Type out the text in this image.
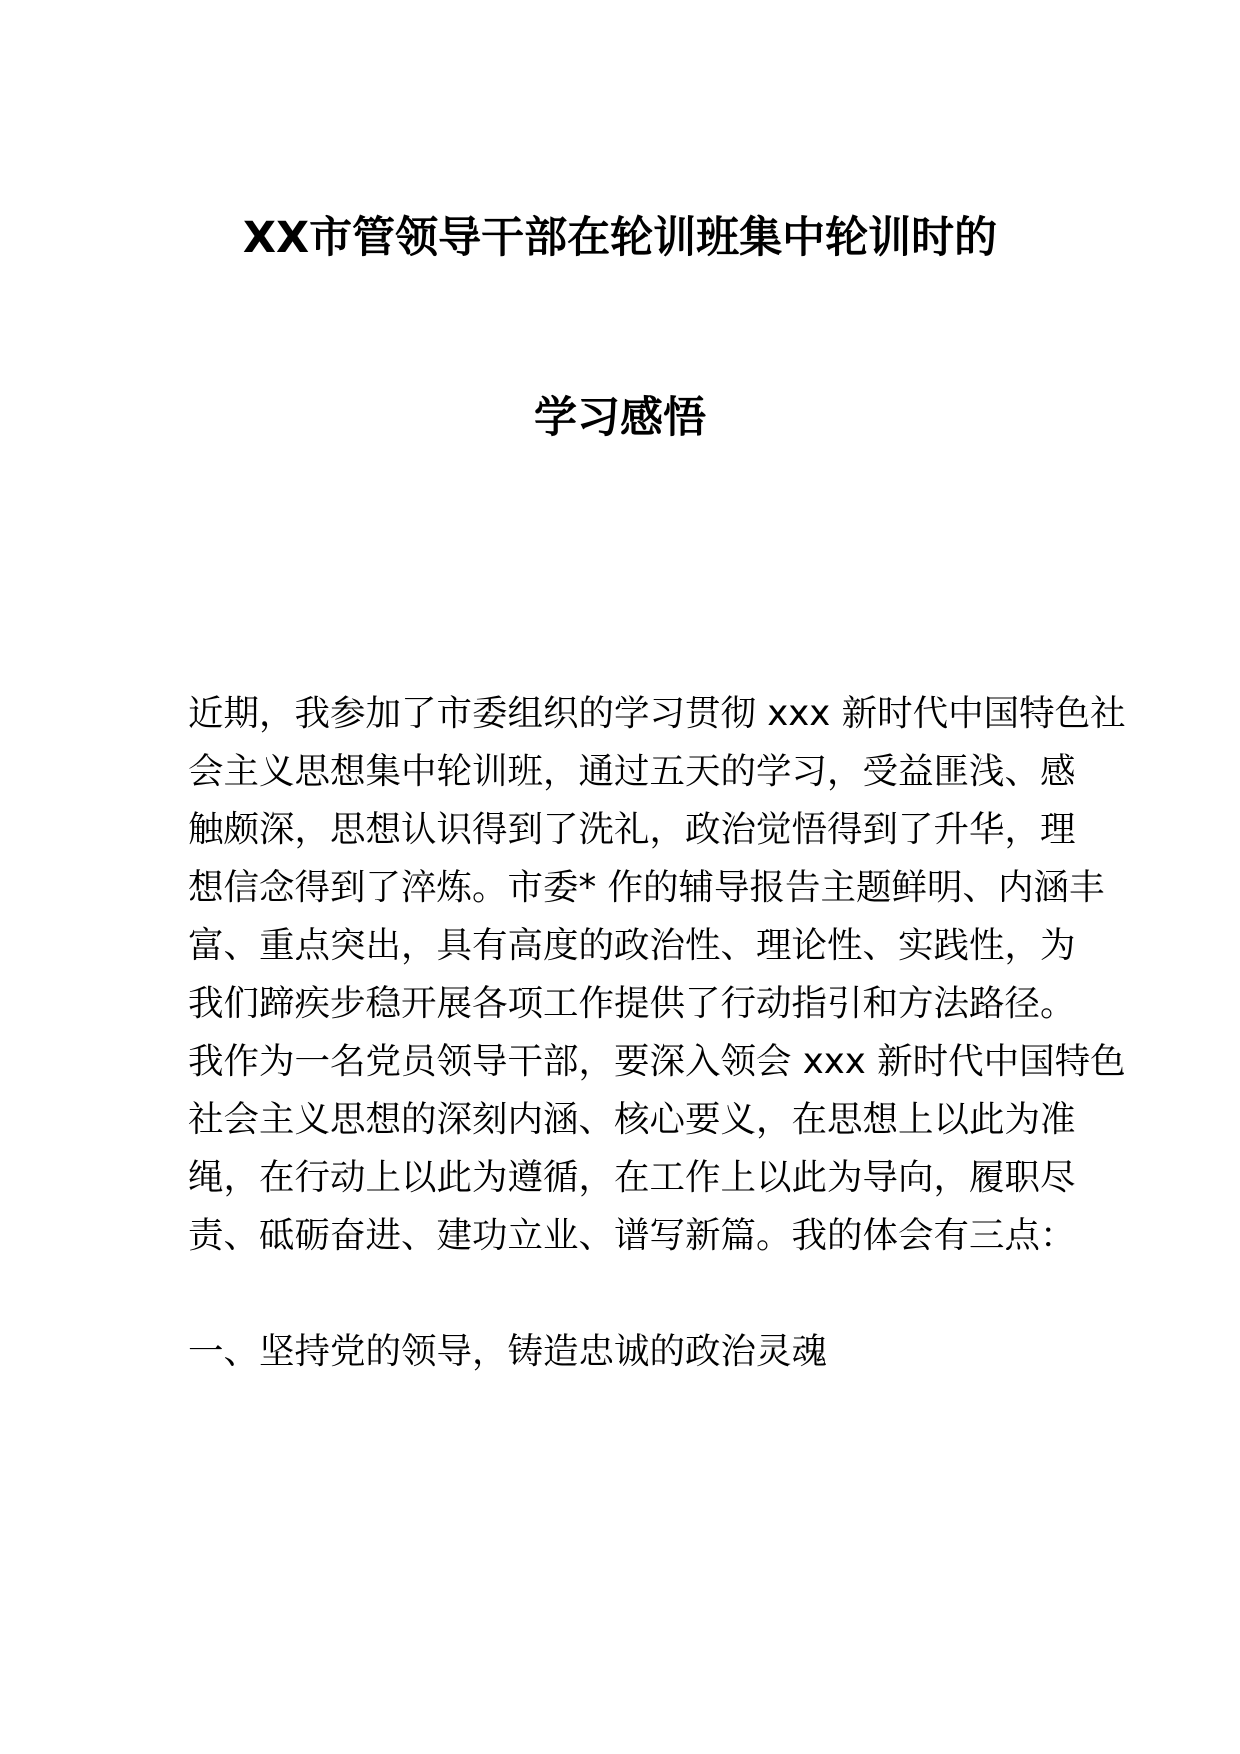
XX市管领导干部在轮训班集中轮训时的
学习感悟
近期，我参加了市委组织的学习贯彻 xxx 新时代中国特色社
会主义思想集中轮训班，通过五天的学习，受益匪浅、感
触颇深，思想认识得到了洗礼，政治觉悟得到了升华，理
想信念得到了淬炼。市委* 作的辅导报告主题鲜明、内涵丰
富、重点突出，具有高度的政治性、理论性、实践性，为
我们蹄疾步稳开展各项工作提供了行动指引和方法路径。
我作为一名党员领导干部，要深入领会 xxx 新时代中国特色
社会主义思想的深刻内涵、核心要义，在思想上以此为准
绳，在行动上以此为遵循，在工作上以此为导向，履职尽
责、砥砺奋进、建功立业、谱写新篇。我的体会有三点：
一、坚持党的领导，铸造忠诚的政治灵魂
